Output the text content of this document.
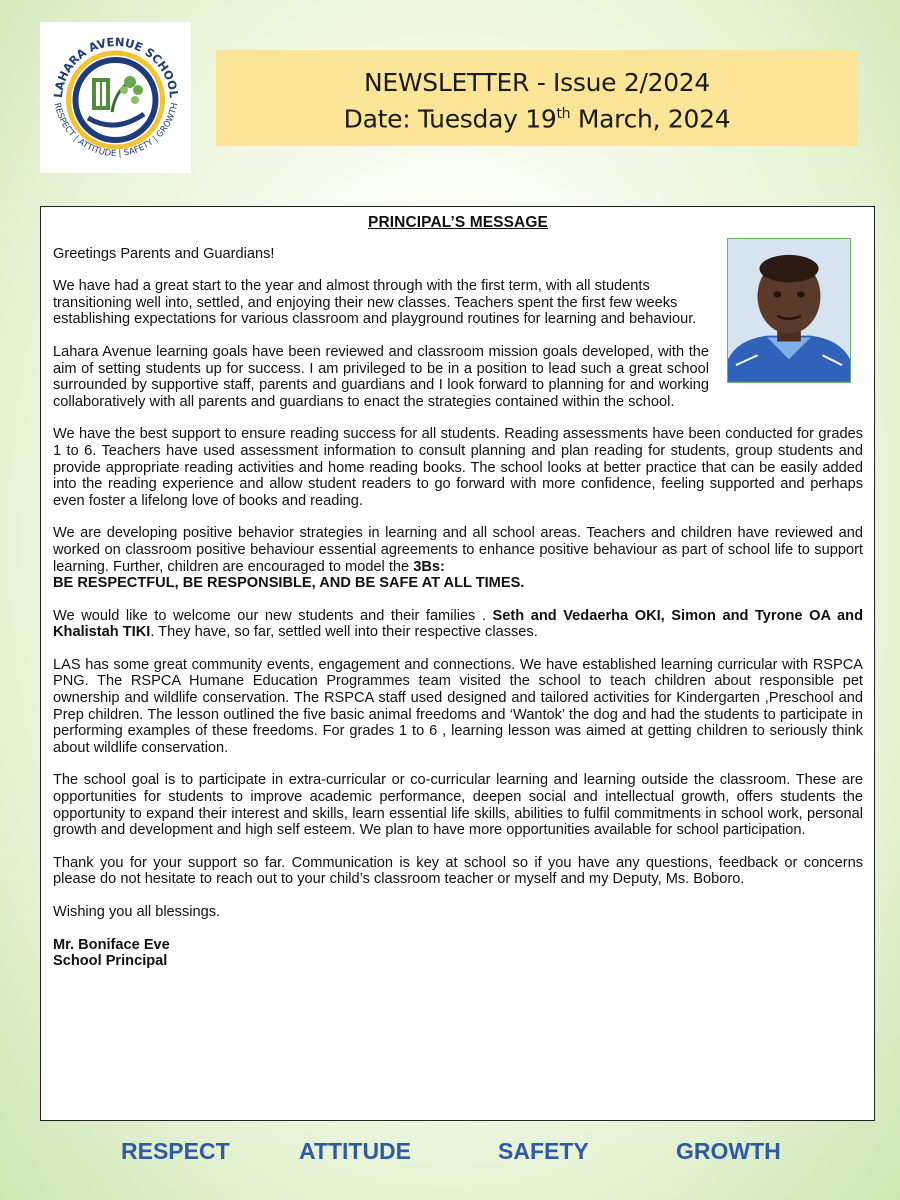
LAHARA AVENUE SCHOOL
RESPECT | ATTITUDE | SAFETY | GROWTH
NEWSLETTER - Issue 2/2024
Date: Tuesday 19th March, 2024
PRINCIPAL’S MESSAGE

Greetings Parents and Guardians!

We have had a great start to the year and almost through with the first term, with all students transitioning well into, settled, and enjoying their new classes. Teachers spent the first few weeks establishing expectations for various classroom and playground routines for learning and behaviour.

Lahara Avenue learning goals have been reviewed and classroom mission goals developed, with the aim of setting students up for success. I am privileged to be in a position to lead such a great school surrounded by supportive staff, parents and guardians and I look forward to planning for and working collaboratively with all parents and guardians to enact the strategies contained within the school.

We have the best support to ensure reading success for all students. Reading assessments have been conducted for grades 1 to 6. Teachers have used assessment information to consult planning and plan reading for students, group students and provide appropriate reading activities and home reading books. The school looks at better practice that can be easily added into the reading experience and allow student readers to go forward with more confidence, feeling supported and perhaps even foster a lifelong love of books and reading.

We are developing positive behavior strategies in learning and all school areas. Teachers and children have reviewed and worked on classroom positive behaviour essential agreements to enhance positive behaviour as part of school life to support learning. Further, children are encouraged to model the 3Bs:
BE RESPECTFUL, BE RESPONSIBLE, AND BE SAFE AT ALL TIMES.

We would like to welcome our new students and their families . Seth and Vedaerha OKI, Simon and Tyrone OA and Khalistah TIKI. They have, so far, settled well into their respective classes.

LAS has some great community events, engagement and connections. We have established learning curricular with RSPCA PNG. The RSPCA Humane Education Programmes team visited the school to teach children about responsible pet ownership and wildlife conservation. The RSPCA staff used designed and tailored activities for Kindergarten ,Preschool and Prep children. The lesson outlined the five basic animal freedoms and ‘Wantok’ the dog and had the students to participate in performing examples of these freedoms. For grades 1 to 6 , learning lesson was aimed at getting children to seriously think about wildlife conservation.

The school goal is to participate in extra-curricular or co-curricular learning and learning outside the classroom. These are opportunities for students to improve academic performance, deepen social and intellectual growth, offers students the opportunity to expand their interest and skills, learn essential life skills, abilities to fulfil commitments in school work, personal growth and development and high self esteem. We plan to have more opportunities available for school participation.

Thank you for your support so far. Communication is key at school so if you have any questions, feedback or concerns please do not hesitate to reach out to your child’s classroom teacher or myself and my Deputy, Ms. Boboro.

Wishing you all blessings.

Mr. Boniface Eve
School Principal
RESPECT	ATTITUDE	SAFETY	GROWTH
